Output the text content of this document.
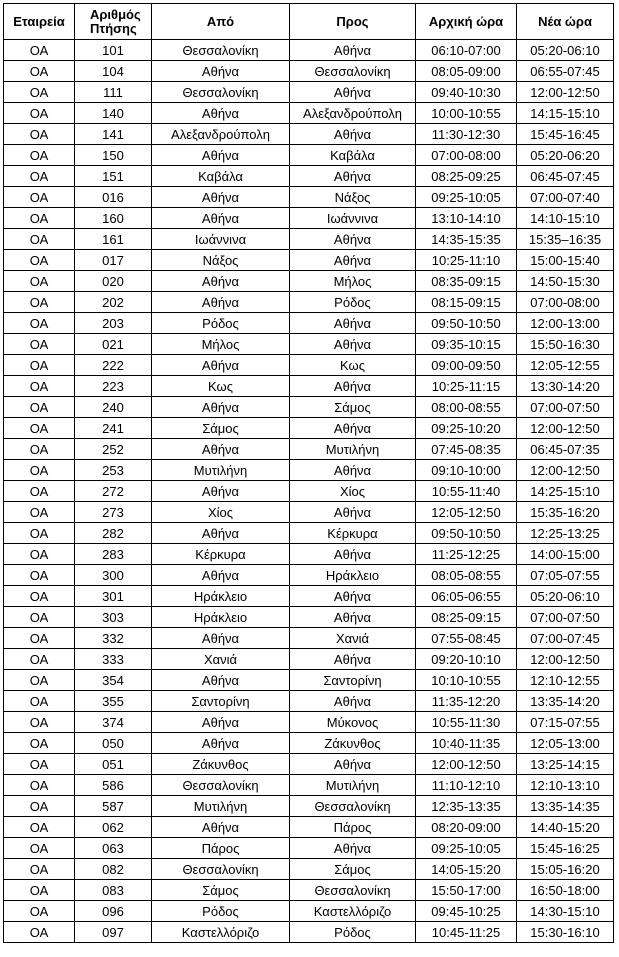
Εταιρεία	Αριθμός Πτήσης	Από	Προς	Αρχική ώρα	Νέα ώρα
ΟΑ	101	Θεσσαλονίκη	Αθήνα	06:10-07:00	05:20-06:10
ΟΑ	104	Αθήνα	Θεσσαλονίκη	08:05-09:00	06:55-07:45
ΟΑ	111	Θεσσαλονίκη	Αθήνα	09:40-10:30	12:00-12:50
ΟΑ	140	Αθήνα	Αλεξανδρούπολη	10:00-10:55	14:15-15:10
ΟΑ	141	Αλεξανδρούπολη	Αθήνα	11:30-12:30	15:45-16:45
ΟΑ	150	Αθήνα	Καβάλα	07:00-08:00	05:20-06:20
ΟΑ	151	Καβάλα	Αθήνα	08:25-09:25	06:45-07:45
ΟΑ	016	Αθήνα	Νάξος	09:25-10:05	07:00-07:40
ΟΑ	160	Αθήνα	Ιωάννινα	13:10-14:10	14:10-15:10
ΟΑ	161	Ιωάννινα	Αθήνα	14:35-15:35	15:35–16:35
ΟΑ	017	Νάξος	Αθήνα	10:25-11:10	15:00-15:40
ΟΑ	020	Αθήνα	Μήλος	08:35-09:15	14:50-15:30
ΟΑ	202	Αθήνα	Ρόδος	08:15-09:15	07:00-08:00
ΟΑ	203	Ρόδος	Αθήνα	09:50-10:50	12:00-13:00
ΟΑ	021	Μήλος	Αθήνα	09:35-10:15	15:50-16:30
ΟΑ	222	Αθήνα	Κως	09:00-09:50	12:05-12:55
ΟΑ	223	Κως	Αθήνα	10:25-11:15	13:30-14:20
ΟΑ	240	Αθήνα	Σάμος	08:00-08:55	07:00-07:50
ΟΑ	241	Σάμος	Αθήνα	09:25-10:20	12:00-12:50
ΟΑ	252	Αθήνα	Μυτιλήνη	07:45-08:35	06:45-07:35
ΟΑ	253	Μυτιλήνη	Αθήνα	09:10-10:00	12:00-12:50
ΟΑ	272	Αθήνα	Χίος	10:55-11:40	14:25-15:10
ΟΑ	273	Χίος	Αθήνα	12:05-12:50	15:35-16:20
ΟΑ	282	Αθήνα	Κέρκυρα	09:50-10:50	12:25-13:25
ΟΑ	283	Κέρκυρα	Αθήνα	11:25-12:25	14:00-15:00
ΟΑ	300	Αθήνα	Ηράκλειο	08:05-08:55	07:05-07:55
ΟΑ	301	Ηράκλειο	Αθήνα	06:05-06:55	05:20-06:10
ΟΑ	303	Ηράκλειο	Αθήνα	08:25-09:15	07:00-07:50
ΟΑ	332	Αθήνα	Χανιά	07:55-08:45	07:00-07:45
ΟΑ	333	Χανιά	Αθήνα	09:20-10:10	12:00-12:50
ΟΑ	354	Αθήνα	Σαντορίνη	10:10-10:55	12:10-12:55
ΟΑ	355	Σαντορίνη	Αθήνα	11:35-12:20	13:35-14:20
ΟΑ	374	Αθήνα	Μύκονος	10:55-11:30	07:15-07:55
ΟΑ	050	Αθήνα	Ζάκυνθος	10:40-11:35	12:05-13:00
ΟΑ	051	Ζάκυνθος	Αθήνα	12:00-12:50	13:25-14:15
ΟΑ	586	Θεσσαλονίκη	Μυτιλήνη	11:10-12:10	12:10-13:10
ΟΑ	587	Μυτιλήνη	Θεσσαλονίκη	12:35-13:35	13:35-14:35
ΟΑ	062	Αθήνα	Πάρος	08:20-09:00	14:40-15:20
ΟΑ	063	Πάρος	Αθήνα	09:25-10:05	15:45-16:25
ΟΑ	082	Θεσσαλονίκη	Σάμος	14:05-15:20	15:05-16:20
ΟΑ	083	Σάμος	Θεσσαλονίκη	15:50-17:00	16:50-18:00
ΟΑ	096	Ρόδος	Καστελλόριζο	09:45-10:25	14:30-15:10
ΟΑ	097	Καστελλόριζο	Ρόδος	10:45-11:25	15:30-16:10
